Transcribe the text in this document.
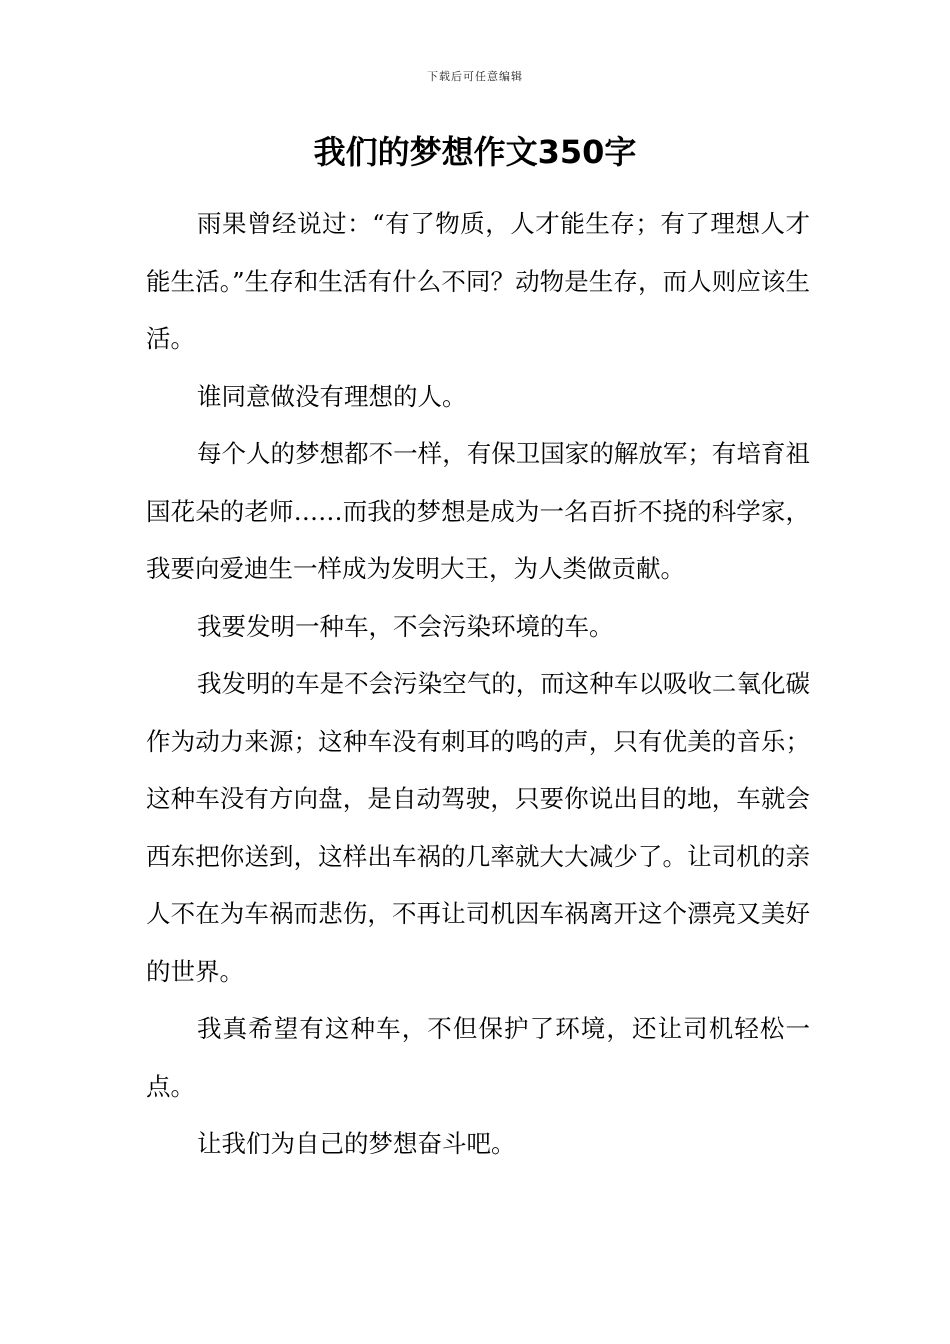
下载后可任意编辑
我们的梦想作文350字

雨果曾经说过：“有了物质，人才能生存；有了理想人才能生活。”生存和生活有什么不同？动物是生存，而人则应该生活。

谁同意做没有理想的人。

每个人的梦想都不一样，有保卫国家的解放军；有培育祖国花朵的老师……而我的梦想是成为一名百折不挠的科学家，我要向爱迪生一样成为发明大王，为人类做贡献。

我要发明一种车，不会污染环境的车。

我发明的车是不会污染空气的，而这种车以吸收二氧化碳作为动力来源；这种车没有刺耳的鸣的声，只有优美的音乐；这种车没有方向盘，是自动驾驶，只要你说出目的地，车就会西东把你送到，这样出车祸的几率就大大减少了。让司机的亲人不在为车祸而悲伤，不再让司机因车祸离开这个漂亮又美好的世界。

我真希望有这种车，不但保护了环境，还让司机轻松一点。

让我们为自己的梦想奋斗吧。
